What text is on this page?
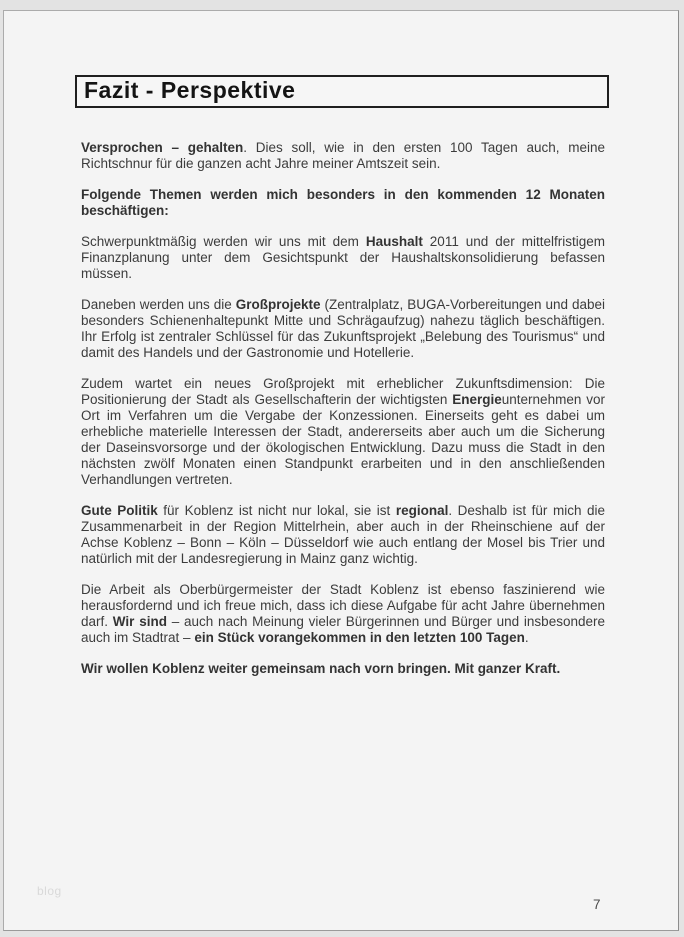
Fazit - Perspektive

Versprochen – gehalten. Dies soll, wie in den ersten 100 Tagen auch, meine Richtschnur für die ganzen acht Jahre meiner Amtszeit sein.

Folgende Themen werden mich besonders in den kommenden 12 Monaten beschäftigen:

Schwerpunktmäßig werden wir uns mit dem Haushalt 2011 und der mittelfristigem Finanzplanung unter dem Gesichtspunkt der Haushaltskonsolidierung befassen müssen.

Daneben werden uns die Großprojekte (Zentralplatz, BUGA-Vorbereitungen und dabei besonders Schienenhaltepunkt Mitte und Schrägaufzug) nahezu täglich beschäftigen. Ihr Erfolg ist zentraler Schlüssel für das Zukunftsprojekt „Belebung des Tourismus“ und damit des Handels und der Gastronomie und Hotellerie.

Zudem wartet ein neues Großprojekt mit erheblicher Zukunftsdimension: Die Positionierung der Stadt als Gesellschafterin der wichtigsten Energieunternehmen vor Ort im Verfahren um die Vergabe der Konzessionen. Einerseits geht es dabei um erhebliche materielle Interessen der Stadt, andererseits aber auch um die Sicherung der Daseinsvorsorge und der ökologischen Entwicklung. Dazu muss die Stadt in den nächsten zwölf Monaten einen Standpunkt erarbeiten und in den anschließenden Verhandlungen vertreten.

Gute Politik für Koblenz ist nicht nur lokal, sie ist regional. Deshalb ist für mich die Zusammenarbeit in der Region Mittelrhein, aber auch in der Rheinschiene auf der Achse Koblenz – Bonn – Köln – Düsseldorf wie auch entlang der Mosel bis Trier und natürlich mit der Landesregierung in Mainz ganz wichtig.

Die Arbeit als Oberbürgermeister der Stadt Koblenz ist ebenso faszinierend wie herausfordernd und ich freue mich, dass ich diese Aufgabe für acht Jahre übernehmen darf. Wir sind – auch nach Meinung vieler Bürgerinnen und Bürger und insbesondere auch im Stadtrat – ein Stück vorangekommen in den letzten 100 Tagen.

Wir wollen Koblenz weiter gemeinsam nach vorn bringen. Mit ganzer Kraft.

blog
7
